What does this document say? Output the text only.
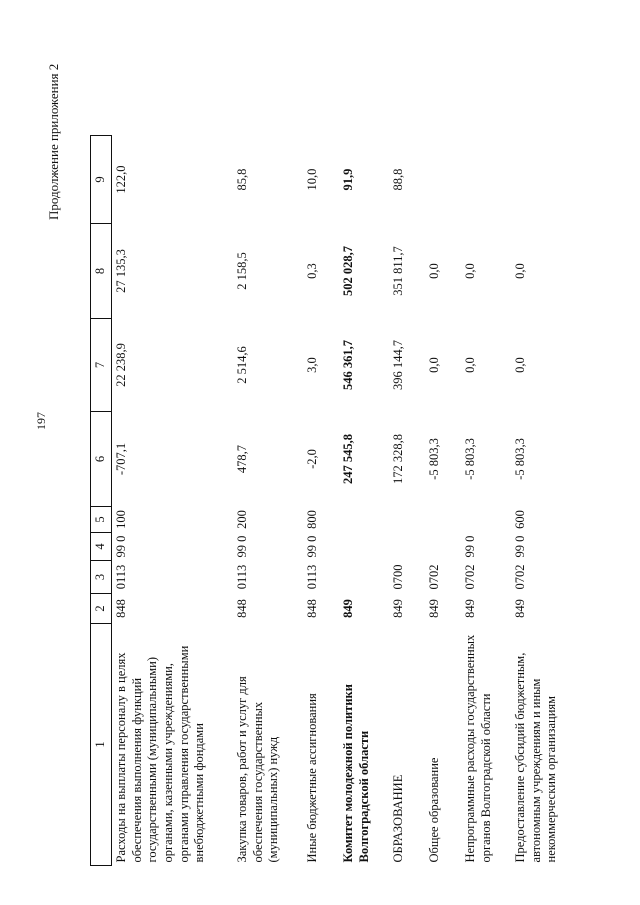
197
Продолжение приложения 2
1	2	3	4	5	6	7	8	9
Расходы на выплаты персоналу в целях обеспечения выполнения функций государственными (муниципальными) органами, казенными учреждениями, органами управления государственными внебюджетными фондами	848	0113	99 0	100	-707,1	22 238,9	27 135,3	122,0
Закупка товаров, работ и услуг для обеспечения государственных (муниципальных) нужд	848	0113	99 0	200	478,7	2 514,6	2 158,5	85,8
Иные бюджетные ассигнования	848	0113	99 0	800	-2,0	3,0	0,3	10,0
Комитет молодежной политики Волгоградской области	849				247 545,8	546 361,7	502 028,7	91,9
ОБРАЗОВАНИЕ	849	0700			172 328,8	396 144,7	351 811,7	88,8
Общее образование	849	0702			-5 803,3	0,0	0,0	
Непрограммные расходы государственных органов Волгоградской области	849	0702	99 0		-5 803,3	0,0	0,0	
Предоставление субсидий бюджетным, автономным учреждениям и иным некоммерческим организациям	849	0702	99 0	600	-5 803,3	0,0	0,0	
